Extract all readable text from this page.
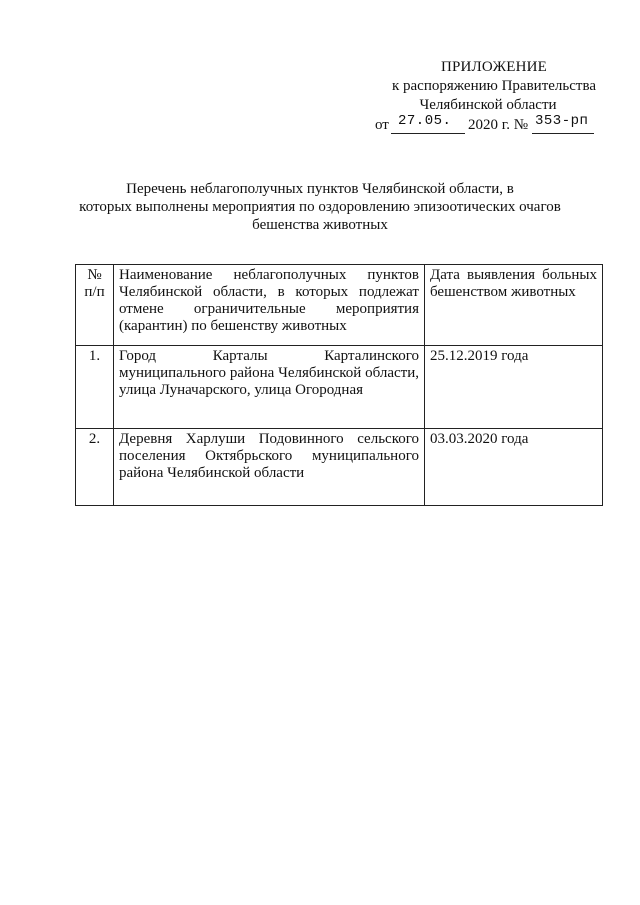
ПРИЛОЖЕНИЕ
к распоряжению Правительства
Челябинской области
от 27.05. 2020 г. № 353-рп
Перечень неблагополучных пунктов Челябинской области, в
которых выполнены мероприятия по оздоровлению эпизоотических очагов
бешенства животных
№ п/п	Наименование неблагополучных пунктов Челябинской области, в которых подлежат отмене ограничительные мероприятия (карантин) по бешенству животных	Дата выявления больных бешенством животных
1.	Город Карталы Карталинского муниципального района Челябинской области, улица Луначарского, улица Огородная	25.12.2019 года
2.	Деревня Харлуши Подовинного сельского поселения Октябрьского муниципального района Челябинской области	03.03.2020 года
